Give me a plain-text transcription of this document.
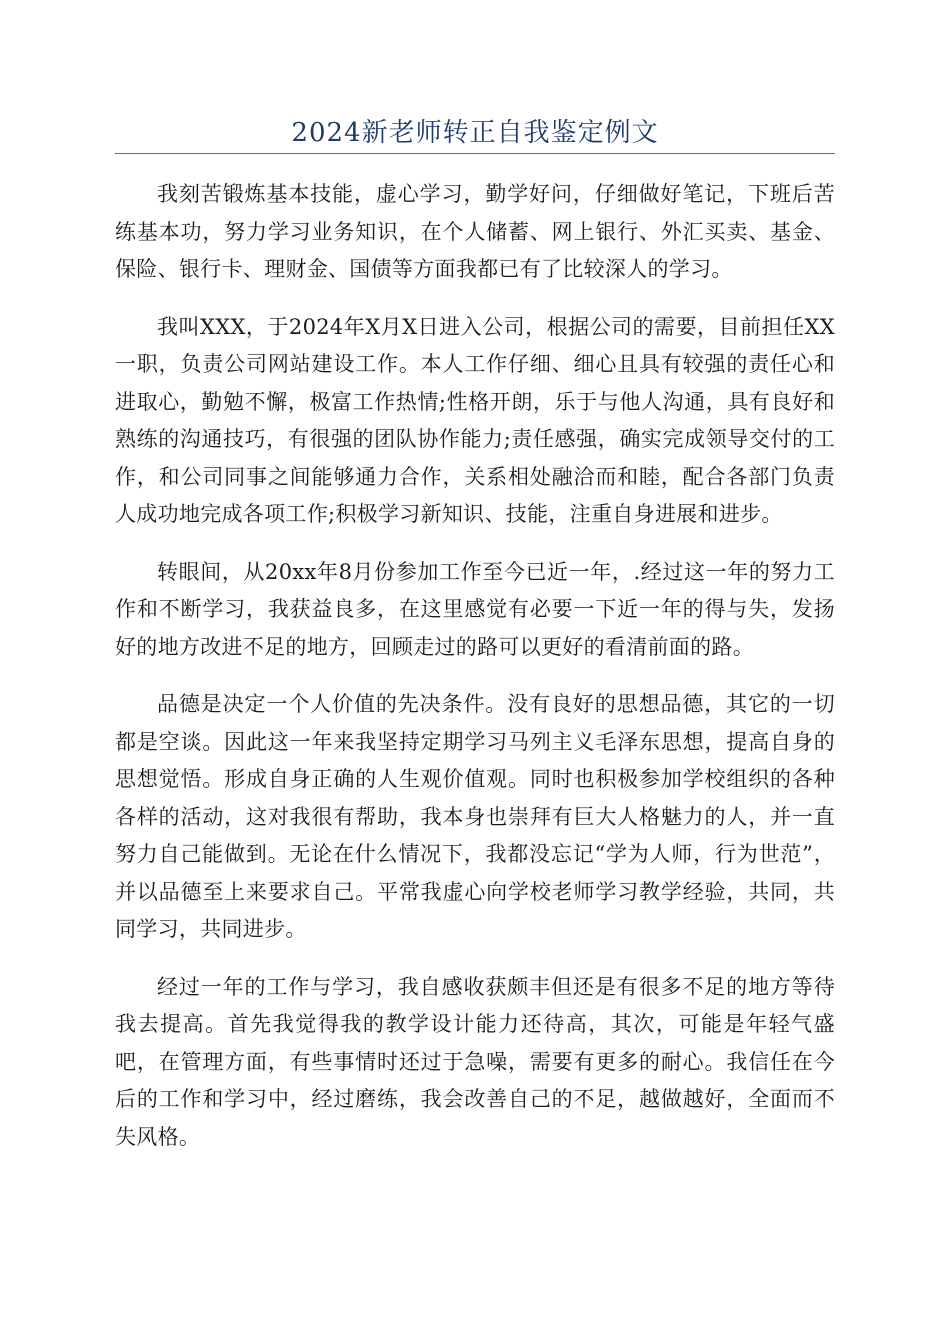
2024新老师转正自我鉴定例文

我刻苦锻炼基本技能，虚心学习，勤学好问，仔细做好笔记，下班后苦练基本功，努力学习业务知识，在个人储蓄、网上银行、外汇买卖、基金、保险、银行卡、理财金、国债等方面我都已有了比较深人的学习。

我叫XXX，于2024年X月X日进入公司，根据公司的需要，目前担任XX一职，负责公司网站建设工作。本人工作仔细、细心且具有较强的责任心和进取心，勤勉不懈，极富工作热情;性格开朗，乐于与他人沟通，具有良好和熟练的沟通技巧，有很强的团队协作能力;责任感强，确实完成领导交付的工作，和公司同事之间能够通力合作，关系相处融洽而和睦，配合各部门负责人成功地完成各项工作;积极学习新知识、技能，注重自身进展和进步。

转眼间，从20xx年8月份参加工作至今已近一年，.经过这一年的努力工作和不断学习，我获益良多，在这里感觉有必要一下近一年的得与失，发扬好的地方改进不足的地方，回顾走过的路可以更好的看清前面的路。

品德是决定一个人价值的先决条件。没有良好的思想品德，其它的一切都是空谈。因此这一年来我坚持定期学习马列主义毛泽东思想，提高自身的思想觉悟。形成自身正确的人生观价值观。同时也积极参加学校组织的各种各样的活动，这对我很有帮助，我本身也崇拜有巨大人格魅力的人，并一直努力自己能做到。无论在什么情况下，我都没忘记“学为人师，行为世范”，并以品德至上来要求自己。平常我虚心向学校老师学习教学经验，共同，共同学习，共同进步。

经过一年的工作与学习，我自感收获颇丰但还是有很多不足的地方等待我去提高。首先我觉得我的教学设计能力还待高，其次，可能是年轻气盛吧，在管理方面，有些事情时还过于急噪，需要有更多的耐心。我信任在今后的工作和学习中，经过磨练，我会改善自己的不足，越做越好，全面而不失风格。
